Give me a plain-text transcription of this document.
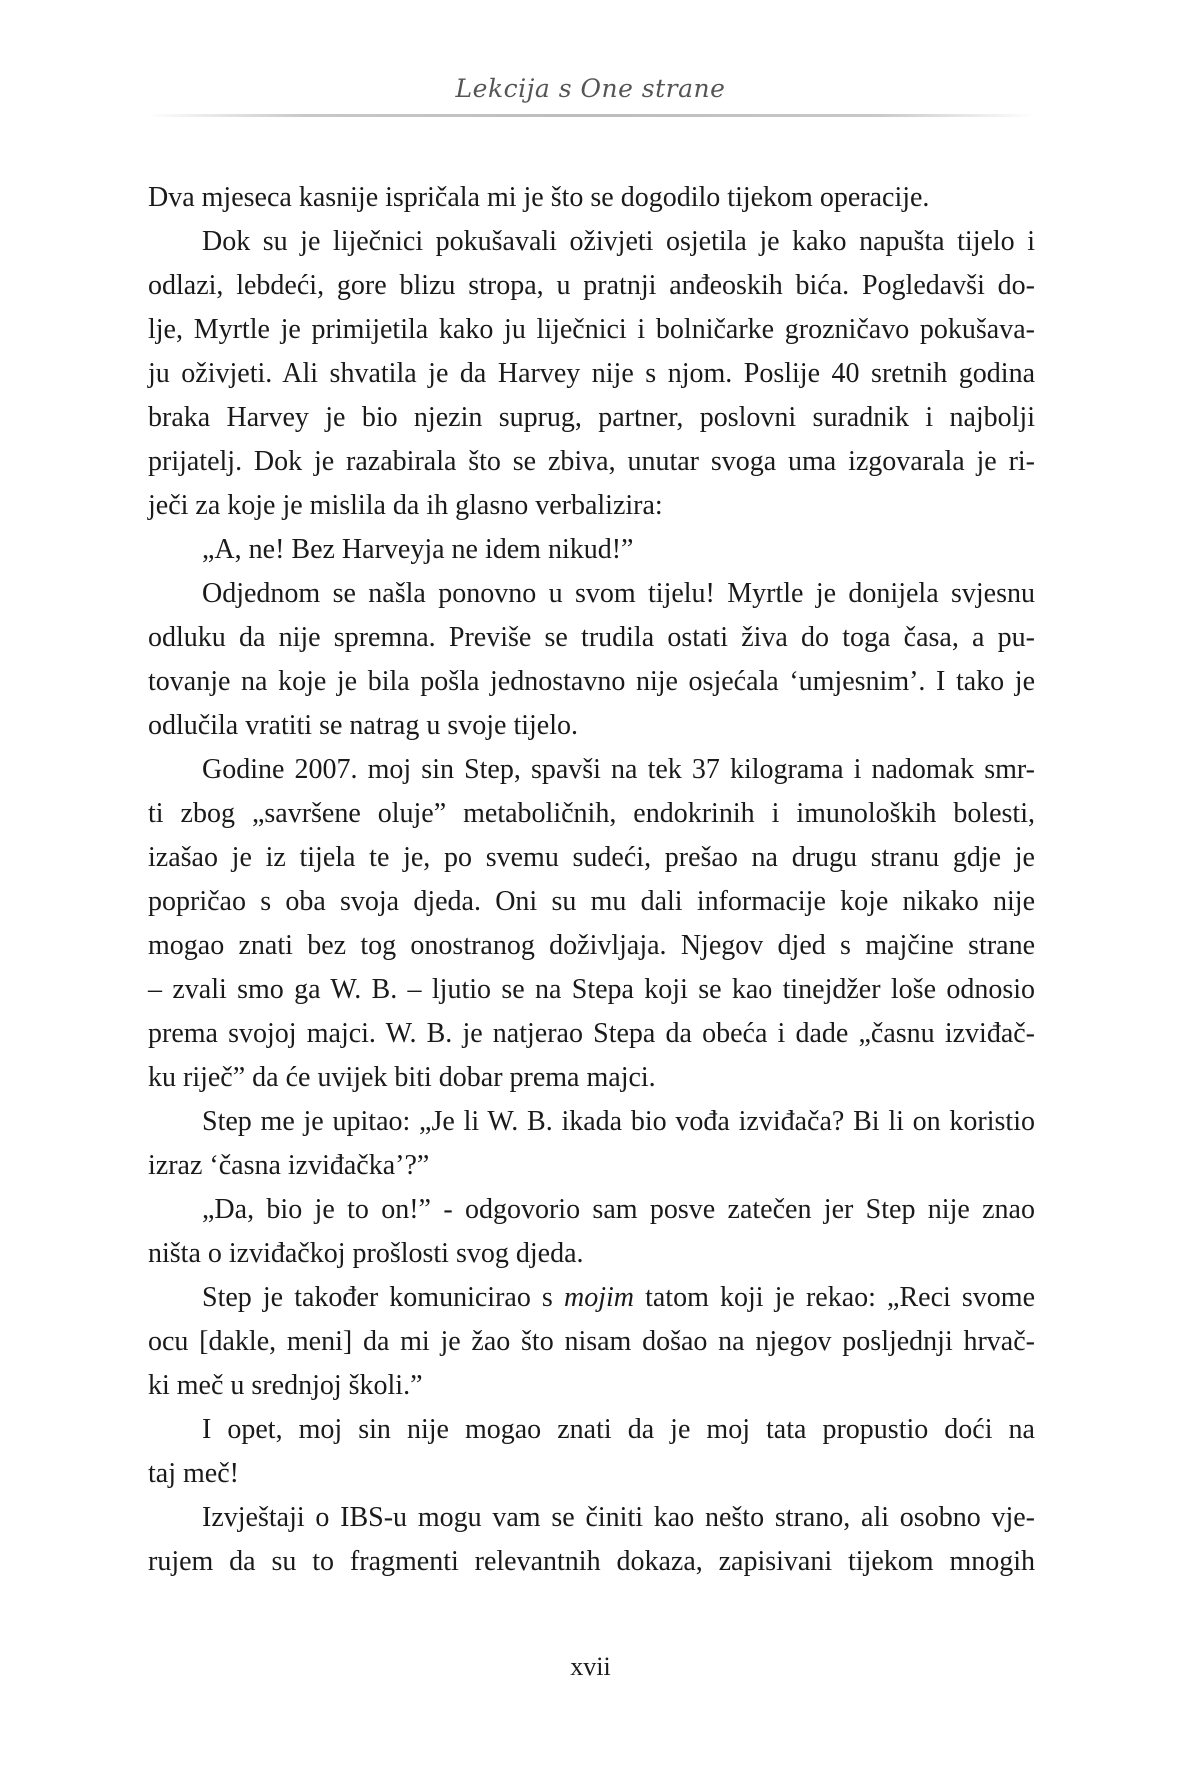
Lekcija s One strane
Dva mjeseca kasnije ispričala mi je što se dogodilo tijekom operacije.
Dok su je liječnici pokušavali oživjeti osjetila je kako napušta tijelo i
odlazi, lebdeći, gore blizu stropa, u pratnji anđeoskih bića. Pogledavši do-
lje, Myrtle je primijetila kako ju liječnici i bolničarke grozničavo pokušava-
ju oživjeti. Ali shvatila je da Harvey nije s njom. Poslije 40 sretnih godina
braka Harvey je bio njezin suprug, partner, poslovni suradnik i najbolji
prijatelj. Dok je razabirala što se zbiva, unutar svoga uma izgovarala je ri-
ječi za koje je mislila da ih glasno verbalizira:
„A, ne! Bez Harveyja ne idem nikud!”
Odjednom se našla ponovno u svom tijelu! Myrtle je donijela svjesnu
odluku da nije spremna. Previše se trudila ostati živa do toga časa, a pu-
tovanje na koje je bila pošla jednostavno nije osjećala ‘umjesnim’. I tako je
odlučila vratiti se natrag u svoje tijelo.
Godine 2007. moj sin Step, spavši na tek 37 kilograma i nadomak smr-
ti zbog „savršene oluje” metaboličnih, endokrinih i imunoloških bolesti,
izašao je iz tijela te je, po svemu sudeći, prešao na drugu stranu gdje je
popričao s oba svoja djeda. Oni su mu dali informacije koje nikako nije
mogao znati bez tog onostranog doživljaja. Njegov djed s majčine strane
– zvali smo ga W. B. – ljutio se na Stepa koji se kao tinejdžer loše odnosio
prema svojoj majci. W. B. je natjerao Stepa da obeća i dade „časnu izviđač-
ku riječ” da će uvijek biti dobar prema majci.
Step me je upitao: „Je li W. B. ikada bio vođa izviđača? Bi li on koristio
izraz ‘časna izviđačka’?”
„Da, bio je to on!” - odgovorio sam posve zatečen jer Step nije znao
ništa o izviđačkoj prošlosti svog djeda.
Step je također komunicirao s mojim tatom koji je rekao: „Reci svome
ocu [dakle, meni] da mi je žao što nisam došao na njegov posljednji hrvač-
ki meč u srednjoj školi.”
I opet, moj sin nije mogao znati da je moj tata propustio doći na
taj meč!
Izvještaji o IBS-u mogu vam se činiti kao nešto strano, ali osobno vje-
rujem da su to fragmenti relevantnih dokaza, zapisivani tijekom mnogih
xvii
